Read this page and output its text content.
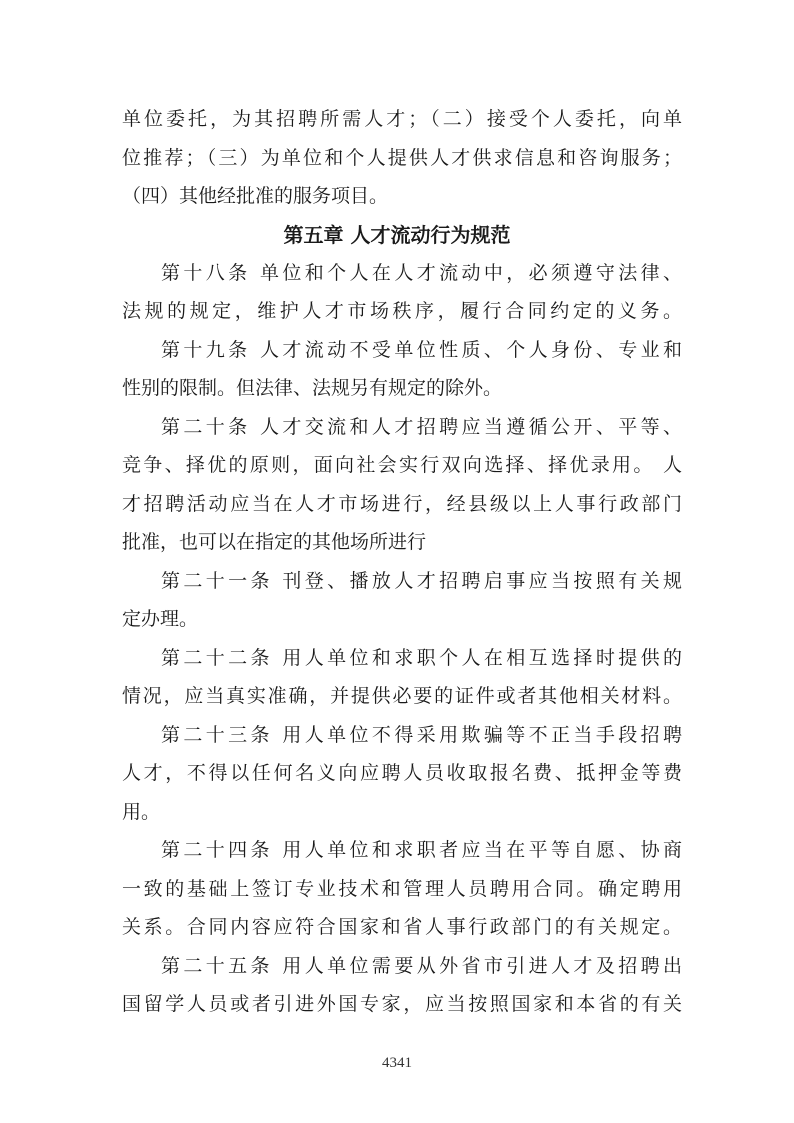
单位委托，为其招聘所需人才；（二）接受个人委托，向单
位推荐；（三）为单位和个人提供人才供求信息和咨询服务；
（四）其他经批准的服务项目。
第五章 人才流动行为规范
第十八条 单位和个人在人才流动中，必须遵守法律、
法规的规定，维护人才市场秩序，履行合同约定的义务。
第十九条 人才流动不受单位性质、个人身份、专业和
性别的限制。但法律、法规另有规定的除外。
第二十条 人才交流和人才招聘应当遵循公开、平等、
竞争、择优的原则，面向社会实行双向选择、择优录用。 人
才招聘活动应当在人才市场进行，经县级以上人事行政部门
批准，也可以在指定的其他场所进行
第二十一条 刊登、播放人才招聘启事应当按照有关规
定办理。
第二十二条 用人单位和求职个人在相互选择时提供的
情况，应当真实准确，并提供必要的证件或者其他相关材料。
第二十三条 用人单位不得采用欺骗等不正当手段招聘
人才，不得以任何名义向应聘人员收取报名费、抵押金等费
用。
第二十四条 用人单位和求职者应当在平等自愿、协商
一致的基础上签订专业技术和管理人员聘用合同。确定聘用
关系。合同内容应符合国家和省人事行政部门的有关规定。
第二十五条 用人单位需要从外省市引进人才及招聘出
国留学人员或者引进外国专家，应当按照国家和本省的有关
4341
